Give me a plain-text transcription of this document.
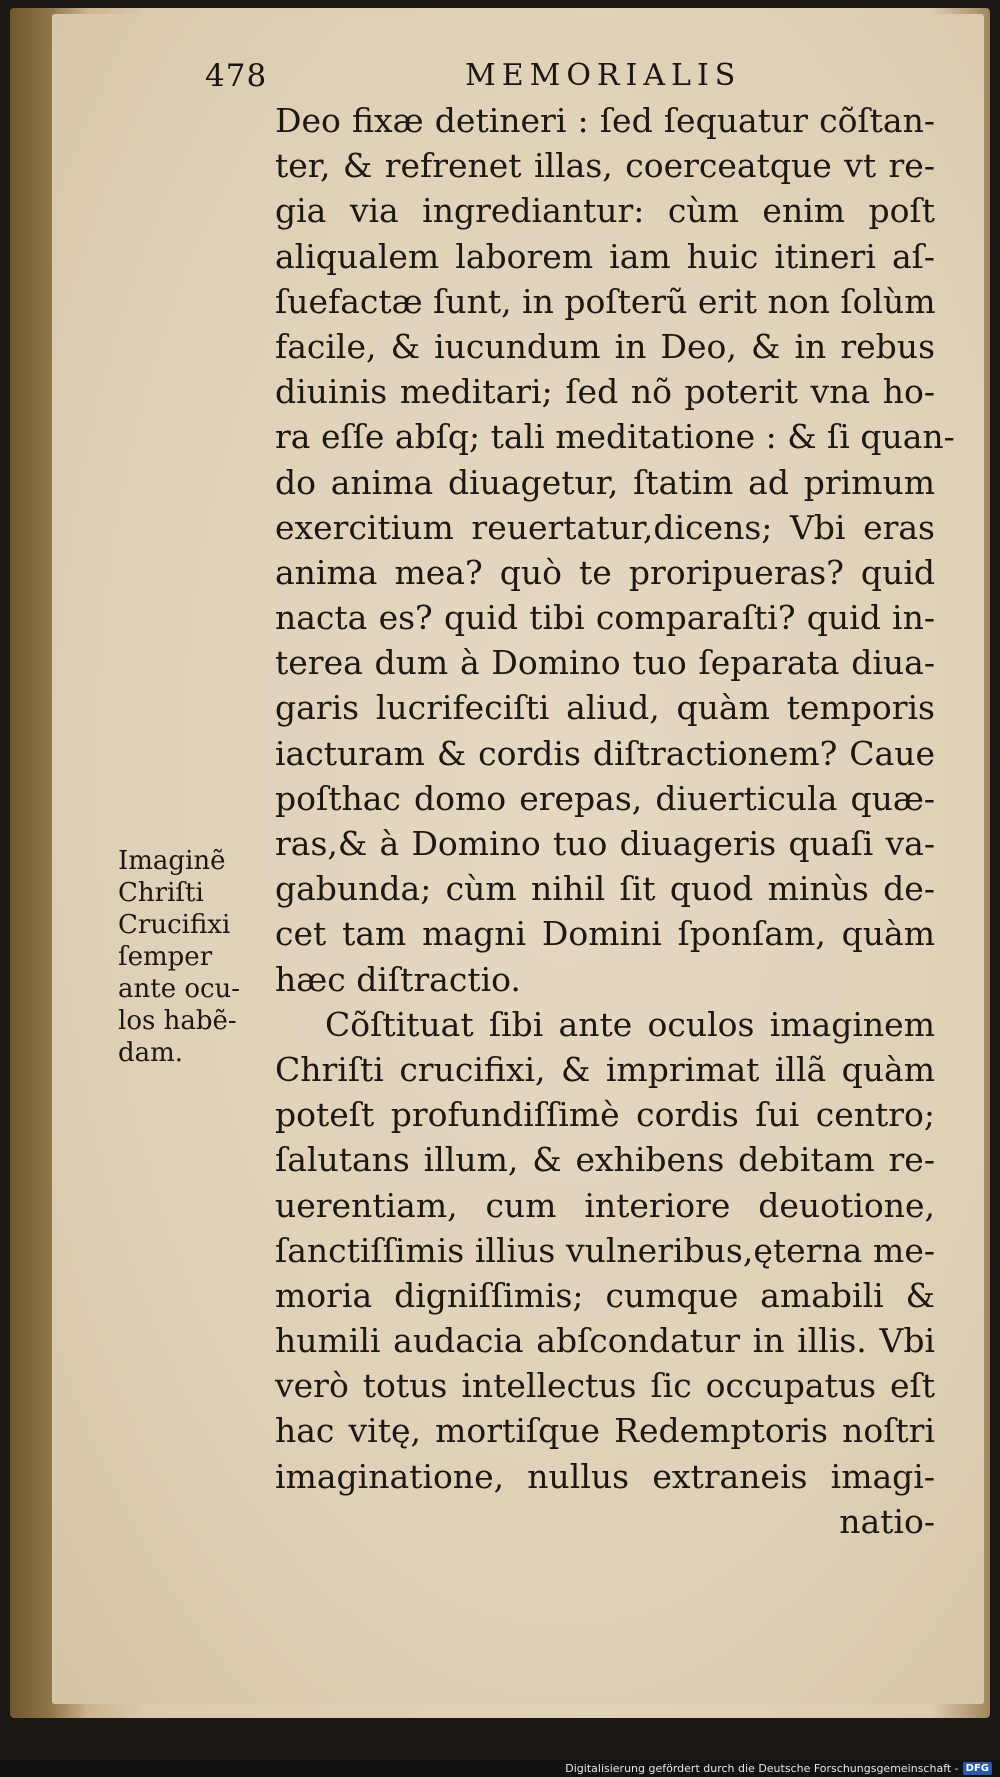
478	MEMORIALIS
Deo fixæ detineri : ſed ſequatur cõſtan-
ter, & refrenet illas, coerceatque vt re-
gia via ingrediantur: cùm enim poſt
aliqualem laborem iam huic itineri aſ-
ſuefactæ ſunt, in poſterũ erit non ſolùm
facile, & iucundum in Deo, & in rebus
diuinis meditari; ſed nõ poterit vna ho-
ra eſſe abſq; tali meditatione : & ſi quan-
do anima diuagetur, ſtatim ad primum
exercitium reuertatur,dicens; Vbi eras
anima mea? quò te proripueras? quid
nacta es? quid tibi comparaſti? quid in-
terea dum à Domino tuo ſeparata diua-
garis lucrifeciſti aliud, quàm temporis
iacturam & cordis diſtractionem? Caue
poſthac domo erepas, diuerticula quæ-
ras,& à Domino tuo diuageris quaſi va-
gabunda; cùm nihil ſit quod minùs de-
cet tam magni Domini ſponſam, quàm
hæc diſtractio.
Cõſtituat ſibi ante oculos imaginem
Chriſti crucifixi, & imprimat illã quàm
poteſt profundiſſimè cordis ſui centro;
ſalutans illum, & exhibens debitam re-
uerentiam, cum interiore deuotione,
ſanctiſſimis illius vulneribus,ęterna me-
moria digniſſimis; cumque amabili &
humili audacia abſcondatur in illis. Vbi
verò totus intellectus ſic occupatus eſt
hac vitę, mortiſque Redemptoris noſtri
imaginatione, nullus extraneis imagi-
natio-
Imaginẽ
Chriſti
Crucifixi
ſemper
ante ocu-
los habẽ-
dam.
Digitalisierung gefördert durch die Deutsche Forschungsgemeinschaft - DFG
